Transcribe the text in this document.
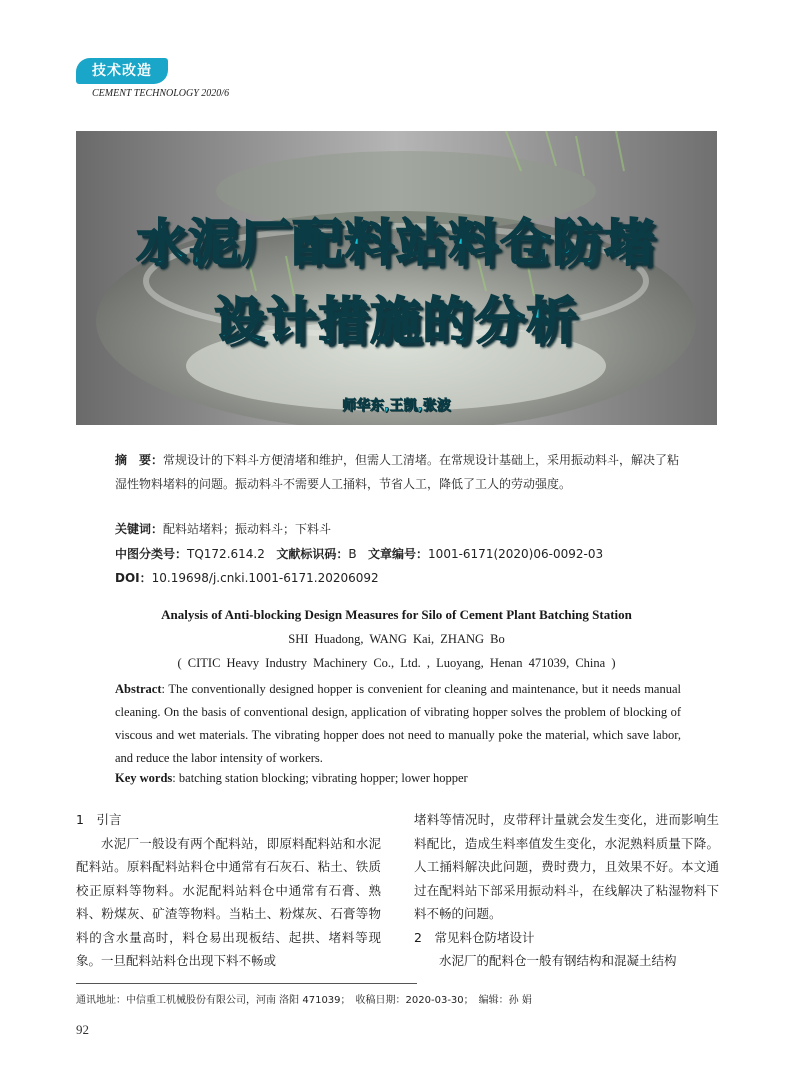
技术改造
CEMENT TECHNOLOGY 2020/6
水泥厂配料站料仓防堵
设计措施的分析
师华东,王凯,张波
摘　要：常规设计的下料斗方便清堵和维护，但需人工清堵。在常规设计基础上，采用振动料斗，解决了粘湿性物料堵料的问题。振动料斗不需要人工捅料，节省人工，降低了工人的劳动强度。
关键词：配料站堵料；振动料斗；下料斗
中图分类号：TQ172.614.2 文献标识码：B 文章编号：1001-6171(2020)06-0092-03
DOI：10.19698/j.cnki.1001-6171.20206092
Analysis of Anti-blocking Design Measures for Silo of Cement Plant Batching Station
SHI Huadong, WANG Kai, ZHANG Bo
( CITIC Heavy Industry Machinery Co., Ltd. , Luoyang, Henan 471039, China )
Abstract: The conventionally designed hopper is convenient for cleaning and maintenance, but it needs manual cleaning. On the basis of conventional design, application of vibrating hopper solves the problem of blocking of viscous and wet materials. The vibrating hopper does not need to manually poke the material, which save labor, and reduce the labor intensity of workers.
Key words: batching station blocking; vibrating hopper; lower hopper

1　引言

水泥厂一般设有两个配料站，即原料配料站和水泥配料站。原料配料站料仓中通常有石灰石、粘土、铁质校正原料等物料。水泥配料站料仓中通常有石膏、熟料、粉煤灰、矿渣等物料。当粘土、粉煤灰、石膏等物料的含水量高时，料仓易出现板结、起拱、堵料等现象。一旦配料站料仓出现下料不畅或

堵料等情况时，皮带秤计量就会发生变化，进而影响生料配比，造成生料率值发生变化，水泥熟料质量下降。人工捅料解决此问题，费时费力，且效果不好。本文通过在配料站下部采用振动料斗，在线解决了粘湿物料下料不畅的问题。

2　常见料仓防堵设计

水泥厂的配料仓一般有钢结构和混凝土结构

通讯地址：中信重工机械股份有限公司，河南 洛阳 471039；　收稿日期：2020-03-30；　编辑：孙 娟
92
